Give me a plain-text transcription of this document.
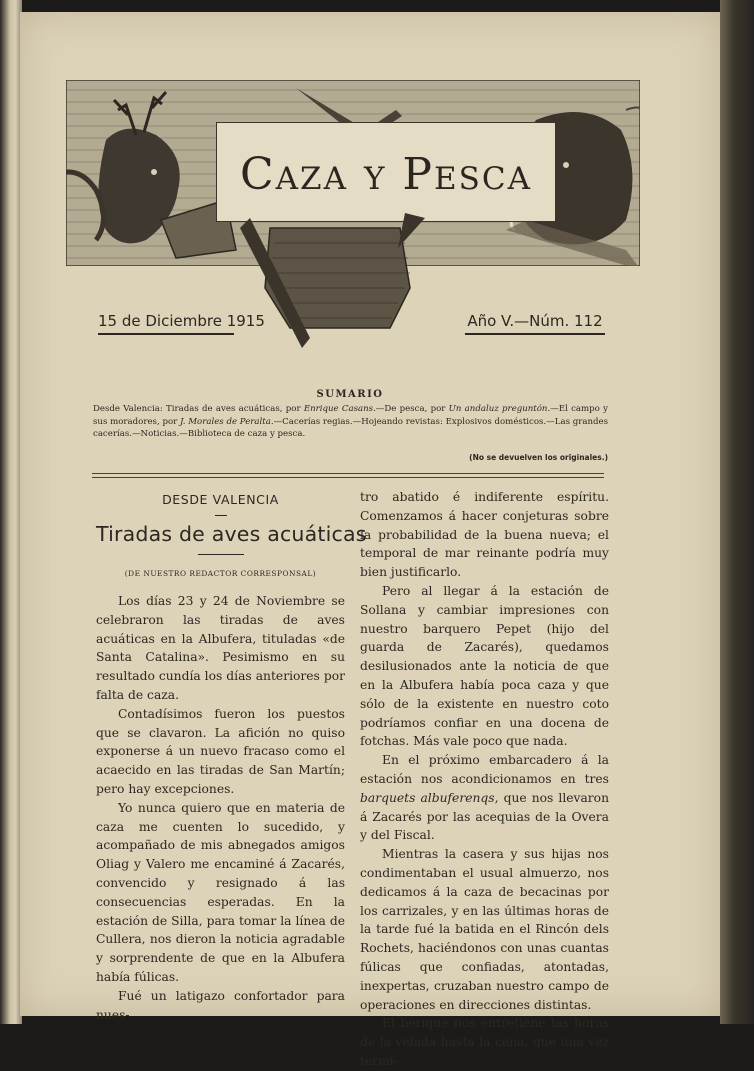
Caza y Pesca
15 de Diciembre 1915	Año V.—Núm. 112
SUMARIO
Desde Valencia: Tiradas de aves acuáticas, por Enrique Casans.—De pesca, por Un andaluz preguntón.—El campo y sus moradores, por J. Morales de Peralta.—Cacerías regias.—Hojeando revistas: Explosivos domésticos.—Las grandes cacerías.—Noticias.—Biblioteca de caza y pesca.
(No se devuelven los originales.)
DESDE VALENCIA
Tiradas de aves acuáticas
(DE NUESTRO REDACTOR CORRESPONSAL)

Los días 23 y 24 de Noviembre se celebraron las tiradas de aves acuáticas en la Albufera, tituladas «de Santa Catalina». Pesimismo en su resultado cundía los días anteriores por falta de caza.

Contadísimos fueron los puestos que se clavaron. La afición no quiso exponerse á un nuevo fracaso como el acaecido en las tiradas de San Martín; pero hay excepciones.

Yo nunca quiero que en materia de caza me cuenten lo sucedido, y acompañado de mis abnegados amigos Oliag y Valero me encaminé á Zacarés, convencido y resignado á las consecuencias esperadas. En la estación de Silla, para tomar la línea de Cullera, nos dieron la noticia agradable y sorprendente de que en la Albufera había fúlicas.

Fué un latigazo confortador para nues-

tro abatido é indiferente espíritu. Comenzamos á hacer conjeturas sobre la probabilidad de la buena nueva; el temporal de mar reinante podría muy bien justificarlo.

Pero al llegar á la estación de Sollana y cambiar impresiones con nuestro barquero Pepet (hijo del guarda de Zacarés), quedamos desilusionados ante la noticia de que en la Albufera había poca caza y que sólo de la existente en nuestro coto podríamos confiar en una docena de fotchas. Más vale poco que nada.

En el próximo embarcadero á la estación nos acondicionamos en tres barquets albuferenqs, que nos llevaron á Zacarés por las acequias de la Overa y del Fiscal.

Mientras la casera y sus hijas nos condimentaban el usual almuerzo, nos dedicamos á la caza de becacinas por los carrizales, y en las últimas horas de la tarde fué la batida en el Rincón dels Rochets, haciéndonos con unas cuantas fúlicas que confiadas, atontadas, inexpertas, cruzaban nuestro campo de operaciones en direcciones distintas.

El berique nos entretiene las horas de la velada hasta la cena, que una vez termi-
